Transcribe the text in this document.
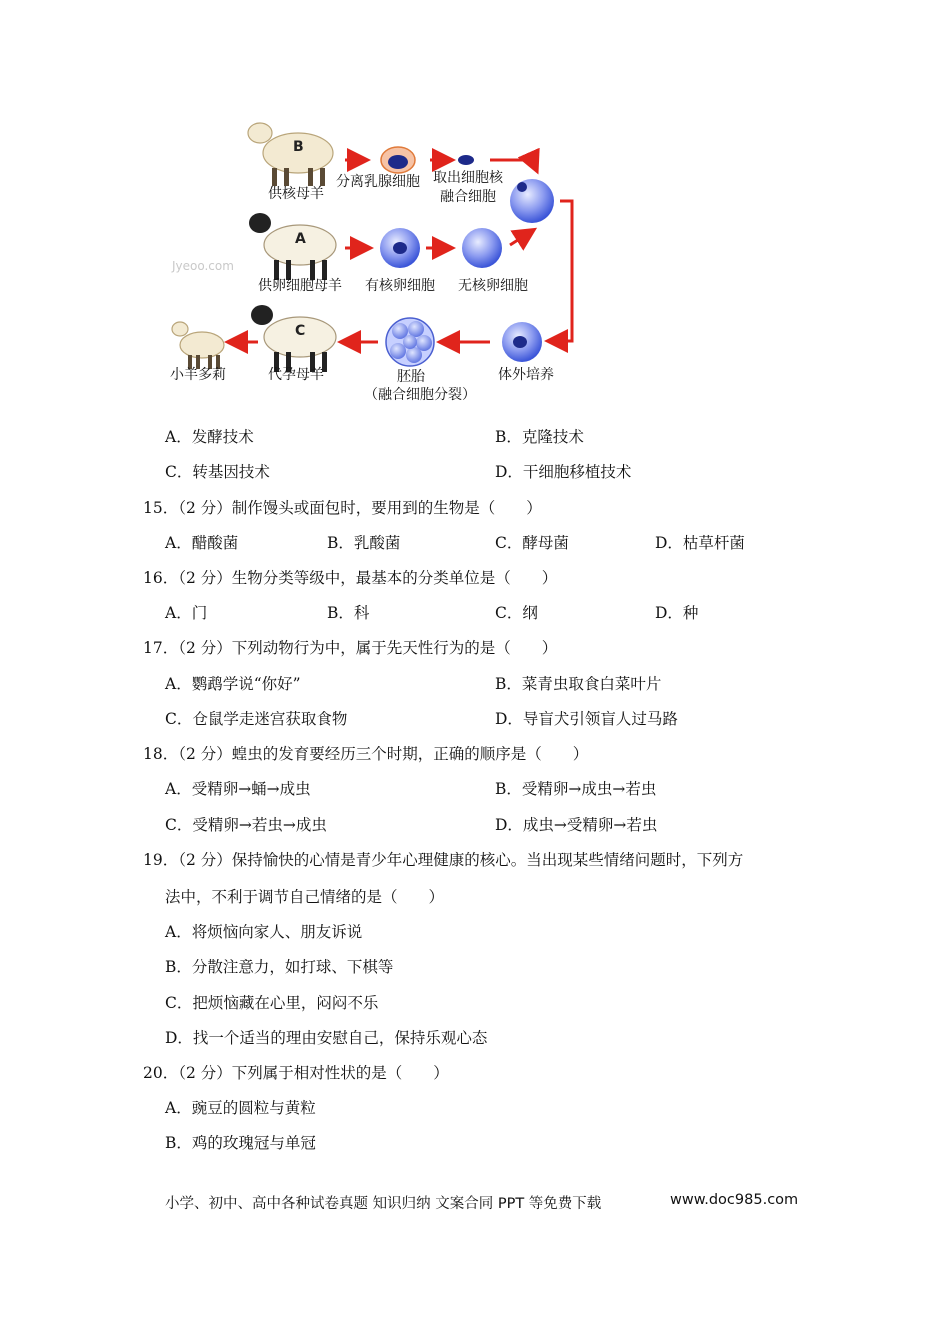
B
A
C
供核母羊
分离乳腺细胞 取出细胞核
融合细胞
Jyeoo.com
供卵细胞母羊 有核卵细胞 无核卵细胞
小羊多莉	代孕母羊	胚胎
（融合细胞分裂）
体外培养
A．发酵技术	B．克隆技术
C．转基因技术	D．干细胞移植技术
15．（2 分）制作馒头或面包时，要用到的生物是（　　）
A．醋酸菌	B．乳酸菌	C．酵母菌	D．枯草杆菌
16．（2 分）生物分类等级中，最基本的分类单位是（　　）
A．门	B．科	C．纲	D．种
17．（2 分）下列动物行为中，属于先天性行为的是（　　）
A．鹦鹉学说“你好”	B．菜青虫取食白菜叶片
C．仓鼠学走迷宫获取食物	D．导盲犬引领盲人过马路
18．（2 分）蝗虫的发育要经历三个时期，正确的顺序是（　　）
A．受精卵→蛹→成虫	B．受精卵→成虫→若虫
C．受精卵→若虫→成虫	D．成虫→受精卵→若虫
19．（2 分）保持愉快的心情是青少年心理健康的核心。当出现某些情绪问题时，下列方
法中，不利于调节自己情绪的是（　　）
A．将烦恼向家人、朋友诉说
B．分散注意力，如打球、下棋等
C．把烦恼藏在心里，闷闷不乐
D．找一个适当的理由安慰自己，保持乐观心态
20．（2 分）下列属于相对性状的是（　　）
A．豌豆的圆粒与黄粒
B．鸡的玫瑰冠与单冠
小学、初中、高中各种试卷真题 知识归纳 文案合同 PPT 等免费下载	www.doc985.com
